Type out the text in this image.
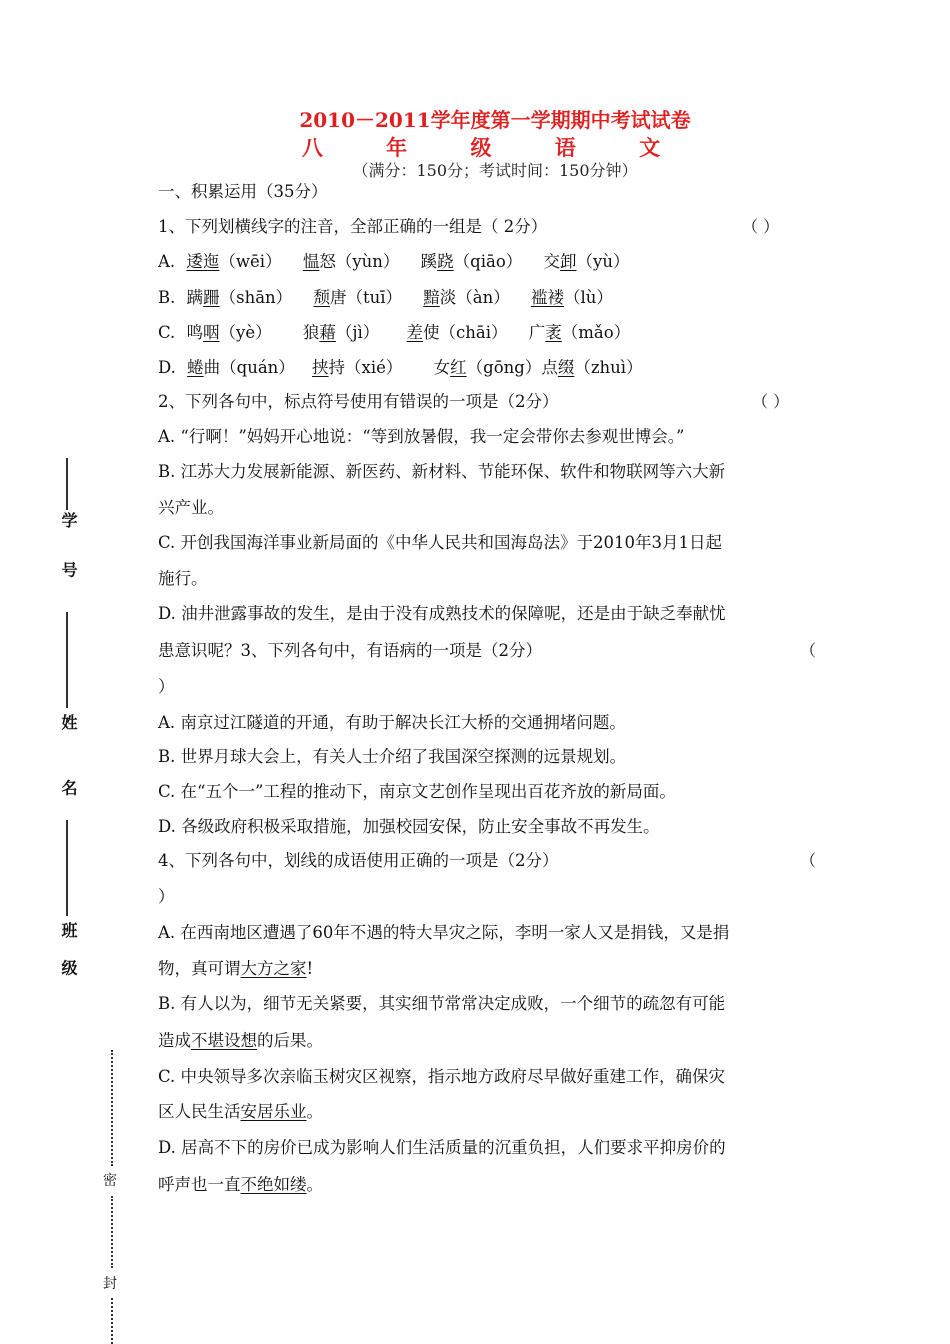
2010－2011学年度第一学期期中考试试卷
八 年 级 语 文
（满分：150分；考试时间：150分钟）
一、积累运用（35分）
1、下列划横线字的注音，全部正确的一组是（ 2分）	（ ）
A. 逶迤（wēi） 愠怒（yùn） 蹊跷（qiāo） 交卸（yù）
B. 蹒跚（shān） 颓唐（tuī） 黯淡（àn） 褴褛（lù）
C. 鸣咽（yè） 狼藉（jì） 差使（chāi） 广袤（mǎo）
D. 蜷曲（quán） 挟持（xié） 女红（gōng）点缀（zhuì）
2、下列各句中，标点符号使用有错误的一项是（2分）	（ ）
A. “行啊！”妈妈开心地说：“等到放暑假，我一定会带你去参观世博会。”
B. 江苏大力发展新能源、新医药、新材料、节能环保、软件和物联网等六大新
兴产业。
C. 开创我国海洋事业新局面的《中华人民共和国海岛法》于2010年3月1日起
施行。
D. 油井泄露事故的发生，是由于没有成熟技术的保障呢，还是由于缺乏奉献忧
患意识呢？3、下列各句中，有语病的一项是（2分）	（
）
A. 南京过江隧道的开通，有助于解决长江大桥的交通拥堵问题。
B. 世界月球大会上，有关人士介绍了我国深空探测的远景规划。
C. 在“五个一”工程的推动下，南京文艺创作呈现出百花齐放的新局面。
D. 各级政府积极采取措施，加强校园安保，防止安全事故不再发生。
4、下列各句中，划线的成语使用正确的一项是（2分）	（
）
A. 在西南地区遭遇了60年不遇的特大旱灾之际，李明一家人又是捐钱，又是捐
物，真可谓大方之家!
B. 有人以为，细节无关紧要，其实细节常常决定成败，一个细节的疏忽有可能
造成不堪设想的后果。
C. 中央领导多次亲临玉树灾区视察，指示地方政府尽早做好重建工作，确保灾
区人民生活安居乐业。
D. 居高不下的房价已成为影响人们生活质量的沉重负担，人们要求平抑房价的
呼声也一直不绝如缕。
学 号
姓 名
班 级
密
封
